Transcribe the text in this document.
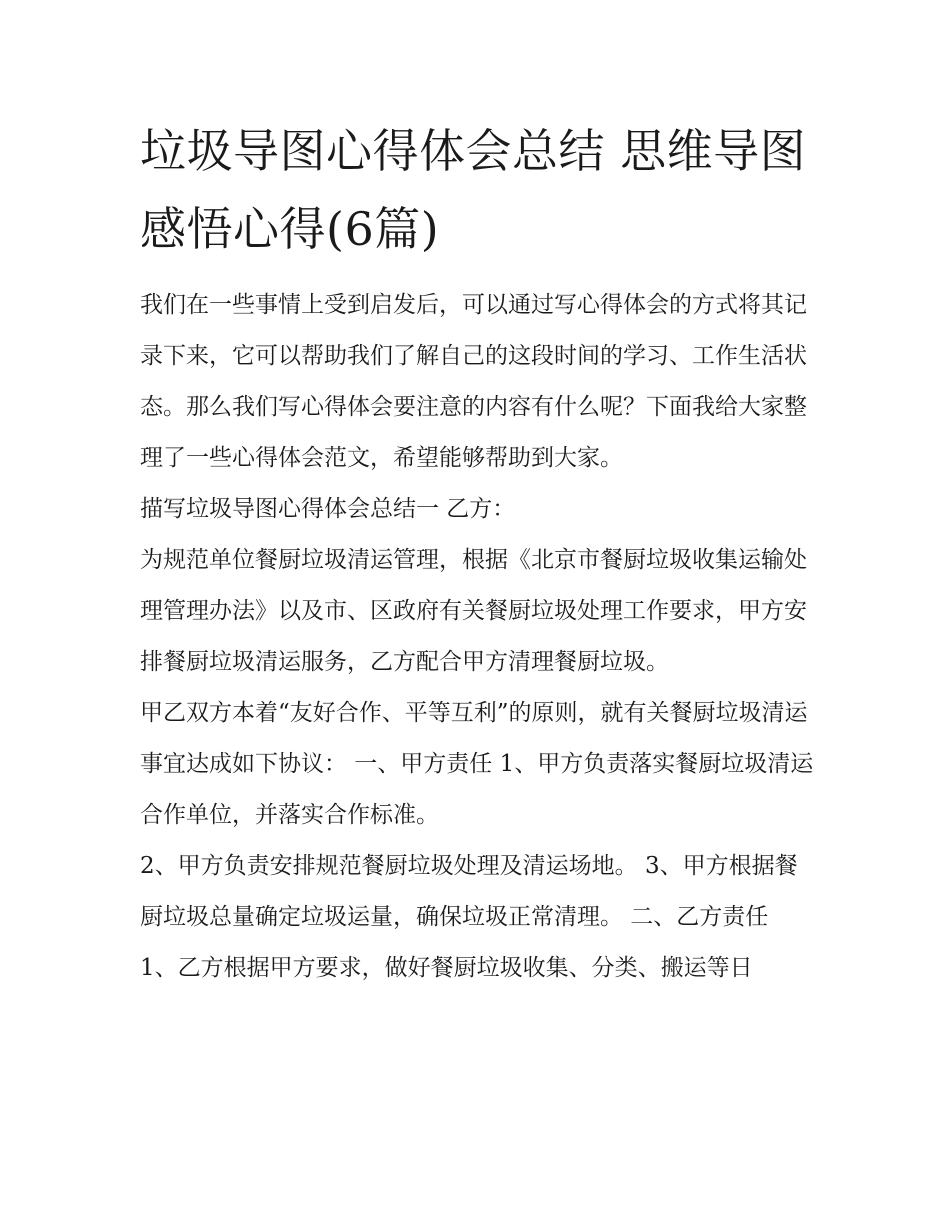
垃圾导图心得体会总结 思维导图感悟心得(6篇)

我们在一些事情上受到启发后，可以通过写心得体会的方式将其记录下来，它可以帮助我们了解自己的这段时间的学习、工作生活状态。那么我们写心得体会要注意的内容有什么呢？下面我给大家整理了一些心得体会范文，希望能够帮助到大家。

描写垃圾导图心得体会总结一 乙方：

为规范单位餐厨垃圾清运管理，根据《北京市餐厨垃圾收集运输处理管理办法》以及市、区政府有关餐厨垃圾处理工作要求，甲方安排餐厨垃圾清运服务，乙方配合甲方清理餐厨垃圾。

甲乙双方本着“友好合作、平等互利”的原则，就有关餐厨垃圾清运事宜达成如下协议： 一、甲方责任 1、甲方负责落实餐厨垃圾清运合作单位，并落实合作标准。

2、甲方负责安排规范餐厨垃圾处理及清运场地。 3、甲方根据餐厨垃圾总量确定垃圾运量，确保垃圾正常清理。 二、乙方责任

1、乙方根据甲方要求，做好餐厨垃圾收集、分类、搬运等日
